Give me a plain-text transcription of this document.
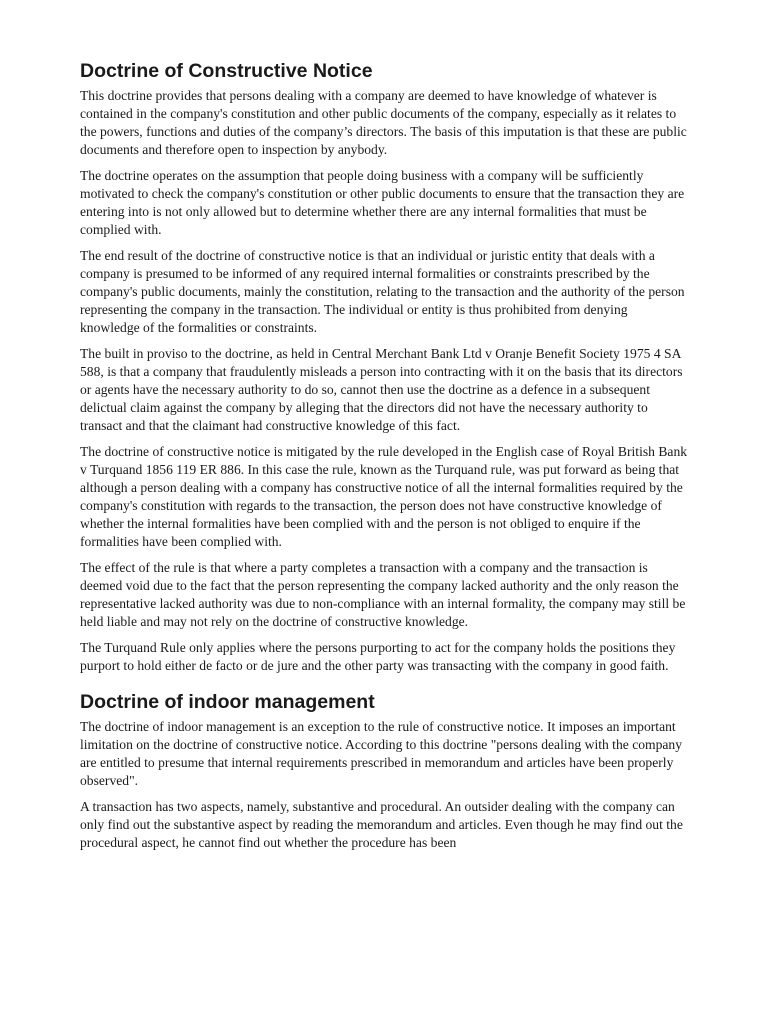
Doctrine of Constructive Notice

This doctrine provides that persons dealing with a company are deemed to have knowledge of whatever is contained in the company's constitution and other public documents of the company, especially as it relates to the powers, functions and duties of the company’s directors. The basis of this imputation is that these are public documents and therefore open to inspection by anybody.

The doctrine operates on the assumption that people doing business with a company will be sufficiently motivated to check the company's constitution or other public documents to ensure that the transaction they are entering into is not only allowed but to determine whether there are any internal formalities that must be complied with.

The end result of the doctrine of constructive notice is that an individual or juristic entity that deals with a company is presumed to be informed of any required internal formalities or constraints prescribed by the company's public documents, mainly the constitution, relating to the transaction and the authority of the person representing the company in the transaction. The individual or entity is thus prohibited from denying knowledge of the formalities or constraints.

The built in proviso to the doctrine, as held in Central Merchant Bank Ltd v Oranje Benefit Society 1975 4 SA 588, is that a company that fraudulently misleads a person into contracting with it on the basis that its directors or agents have the necessary authority to do so, cannot then use the doctrine as a defence in a subsequent delictual claim against the company by alleging that the directors did not have the necessary authority to transact and that the claimant had constructive knowledge of this fact.

The doctrine of constructive notice is mitigated by the rule developed in the English case of Royal British Bank v Turquand 1856 119 ER 886. In this case the rule, known as the Turquand rule, was put forward as being that although a person dealing with a company has constructive notice of all the internal formalities required by the company's constitution with regards to the transaction, the person does not have constructive knowledge of whether the internal formalities have been complied with and the person is not obliged to enquire if the formalities have been complied with.

The effect of the rule is that where a party completes a transaction with a company and the transaction is deemed void due to the fact that the person representing the company lacked authority and the only reason the representative lacked authority was due to non-compliance with an internal formality, the company may still be held liable and may not rely on the doctrine of constructive knowledge.

The Turquand Rule only applies where the persons purporting to act for the company holds the positions they purport to hold either de facto or de jure and the other party was transacting with the company in good faith.

Doctrine of indoor management

The doctrine of indoor management is an exception to the rule of constructive notice. It imposes an important limitation on the doctrine of constructive notice. According to this doctrine "persons dealing with the company are entitled to presume that internal requirements prescribed in memorandum and articles have been properly observed".

A transaction has two aspects, namely, substantive and procedural. An outsider dealing with the company can only find out the substantive aspect by reading the memorandum and articles. Even though he may find out the procedural aspect, he cannot find out whether the procedure has been
